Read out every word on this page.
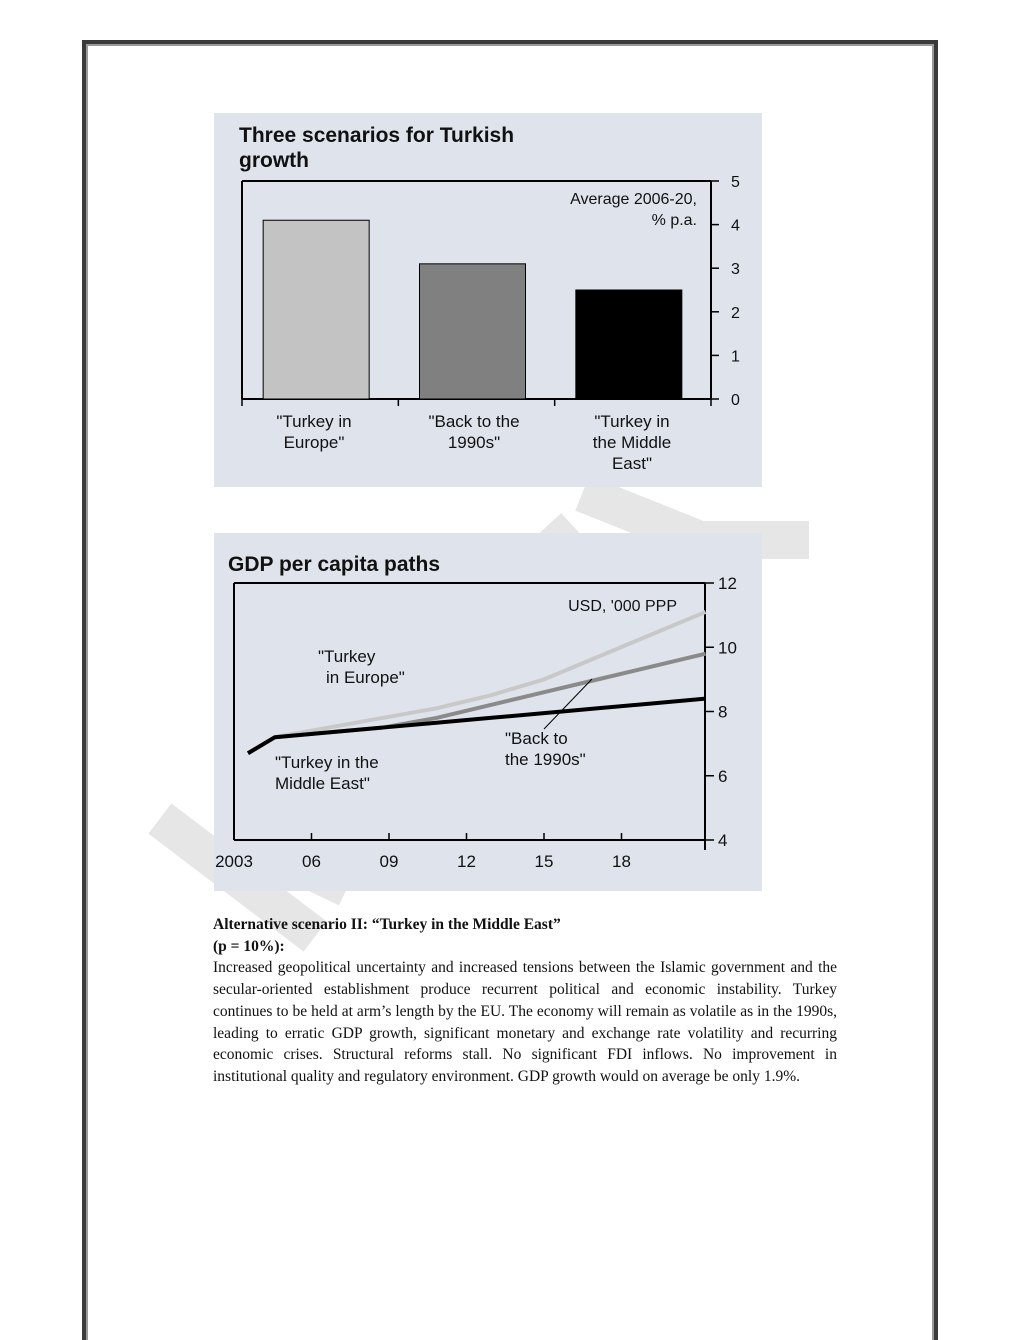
Three scenarios for Turkish
growth
Average 2006-20,
% p.a.
0
1
2
3
4
5
"Turkey in
Europe"
"Back to the
1990s"
"Turkey in
the Middle
East"
GDP per capita paths
USD, '000 PPP
4
6
8
10
12
2003	06	09	12	15	18
"Turkey
in Europe"
"Back to
the 1990s"
"Turkey in the
Middle East"
Alternative scenario II: “Turkey in the Middle East”
(p = 10%):

Increased geopolitical uncertainty and increased tensions between the Islamic government and the secular-oriented establishment produce recurrent political and economic instability. Turkey continues to be held at arm’s length by the EU. The economy will remain as volatile as in the 1990s, leading to erratic GDP growth, significant monetary and exchange rate volatility and recurring economic crises. Structural reforms stall. No significant FDI inflows. No improvement in institutional quality and regulatory environment. GDP growth would on average be only 1.9%.
